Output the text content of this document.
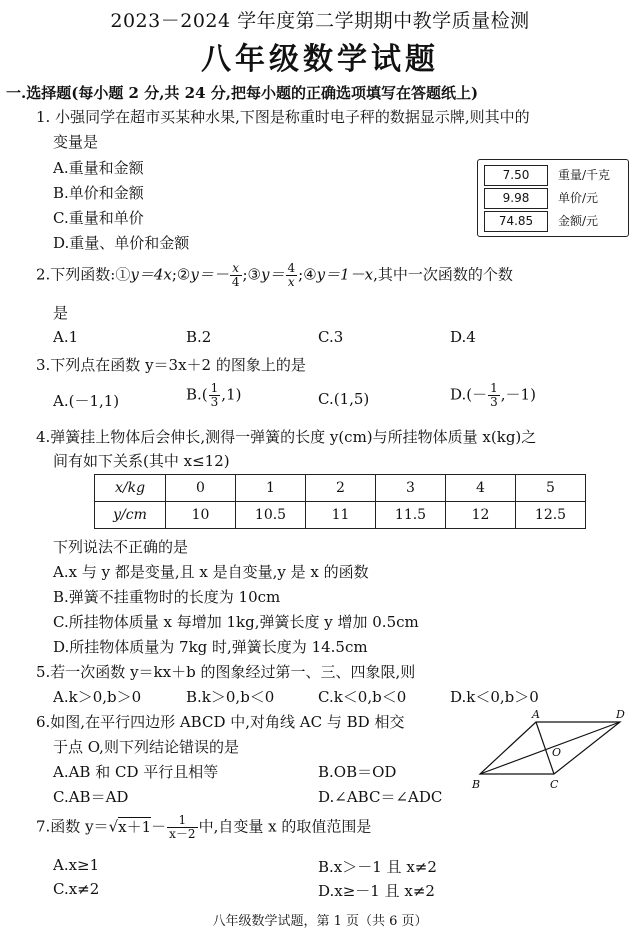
2023－2024 学年度第二学期期中教学质量检测
八年级数学试题
一.选择题(每小题 2 分,共 24 分,把每小题的正确选项填写在答题纸上)
1. 小强同学在超市买某种水果,下图是称重时电子秤的数据显示牌,则其中的
变量是
A.重量和金额
B.单价和金额
C.重量和单价
D.重量、单价和金额
7.50	重量/千克
9.98	单价/元
74.85	金额/元
2.下列函数:①y＝4x;②y＝－ $\frac{x}{4}$ ;③y＝ $\frac{4}{x}$ ;④y＝1－x,其中一次函数的个数
是
A.1	B.2	C.3	D.4
3.下列点在函数 y＝3x＋2 的图象上的是
A.(－1,1)	$B.( \frac{1}{3} ,1)$	C.(1,5)	$D.(- \frac{1}{3} ,-1)$
4.弹簧挂上物体后会伸长,测得一弹簧的长度 y(cm)与所挂物体质量 x(kg)之
间有如下关系(其中 x≤12)
x/kg	0	1	2	3	4	5
y/cm	10	10.5	11	11.5	12	12.5
下列说法不正确的是
A.x 与 y 都是变量,且 x 是自变量,y 是 x 的函数
B.弹簧不挂重物时的长度为 10cm
C.所挂物体质量 x 每增加 1kg,弹簧长度 y 增加 0.5cm
D.所挂物体质量为 7kg 时,弹簧长度为 14.5cm
5.若一次函数 y＝kx＋b 的图象经过第一、三、四象限,则
A.k＞0,b＞0	B.k＞0,b＜0	C.k＜0,b＜0	D.k＜0,b＞0
6.如图,在平行四边形 ABCD 中,对角线 AC 与 BD 相交
于点 O,则下列结论错误的是
A.AB 和 CD 平行且相等	B.OB＝OD
C.AB＝AD	D.∠ABC＝∠ADC
A	D
B	C
O
7.函数 $y=√x+1- \frac{1}{x-2}$ 中,自变量 x 的取值范围是
A.x≥1	B.x＞－1 且 x≠2
C.x≠2	D.x≥－1 且 x≠2
八年级数学试题，第 1 页（共 6 页）
